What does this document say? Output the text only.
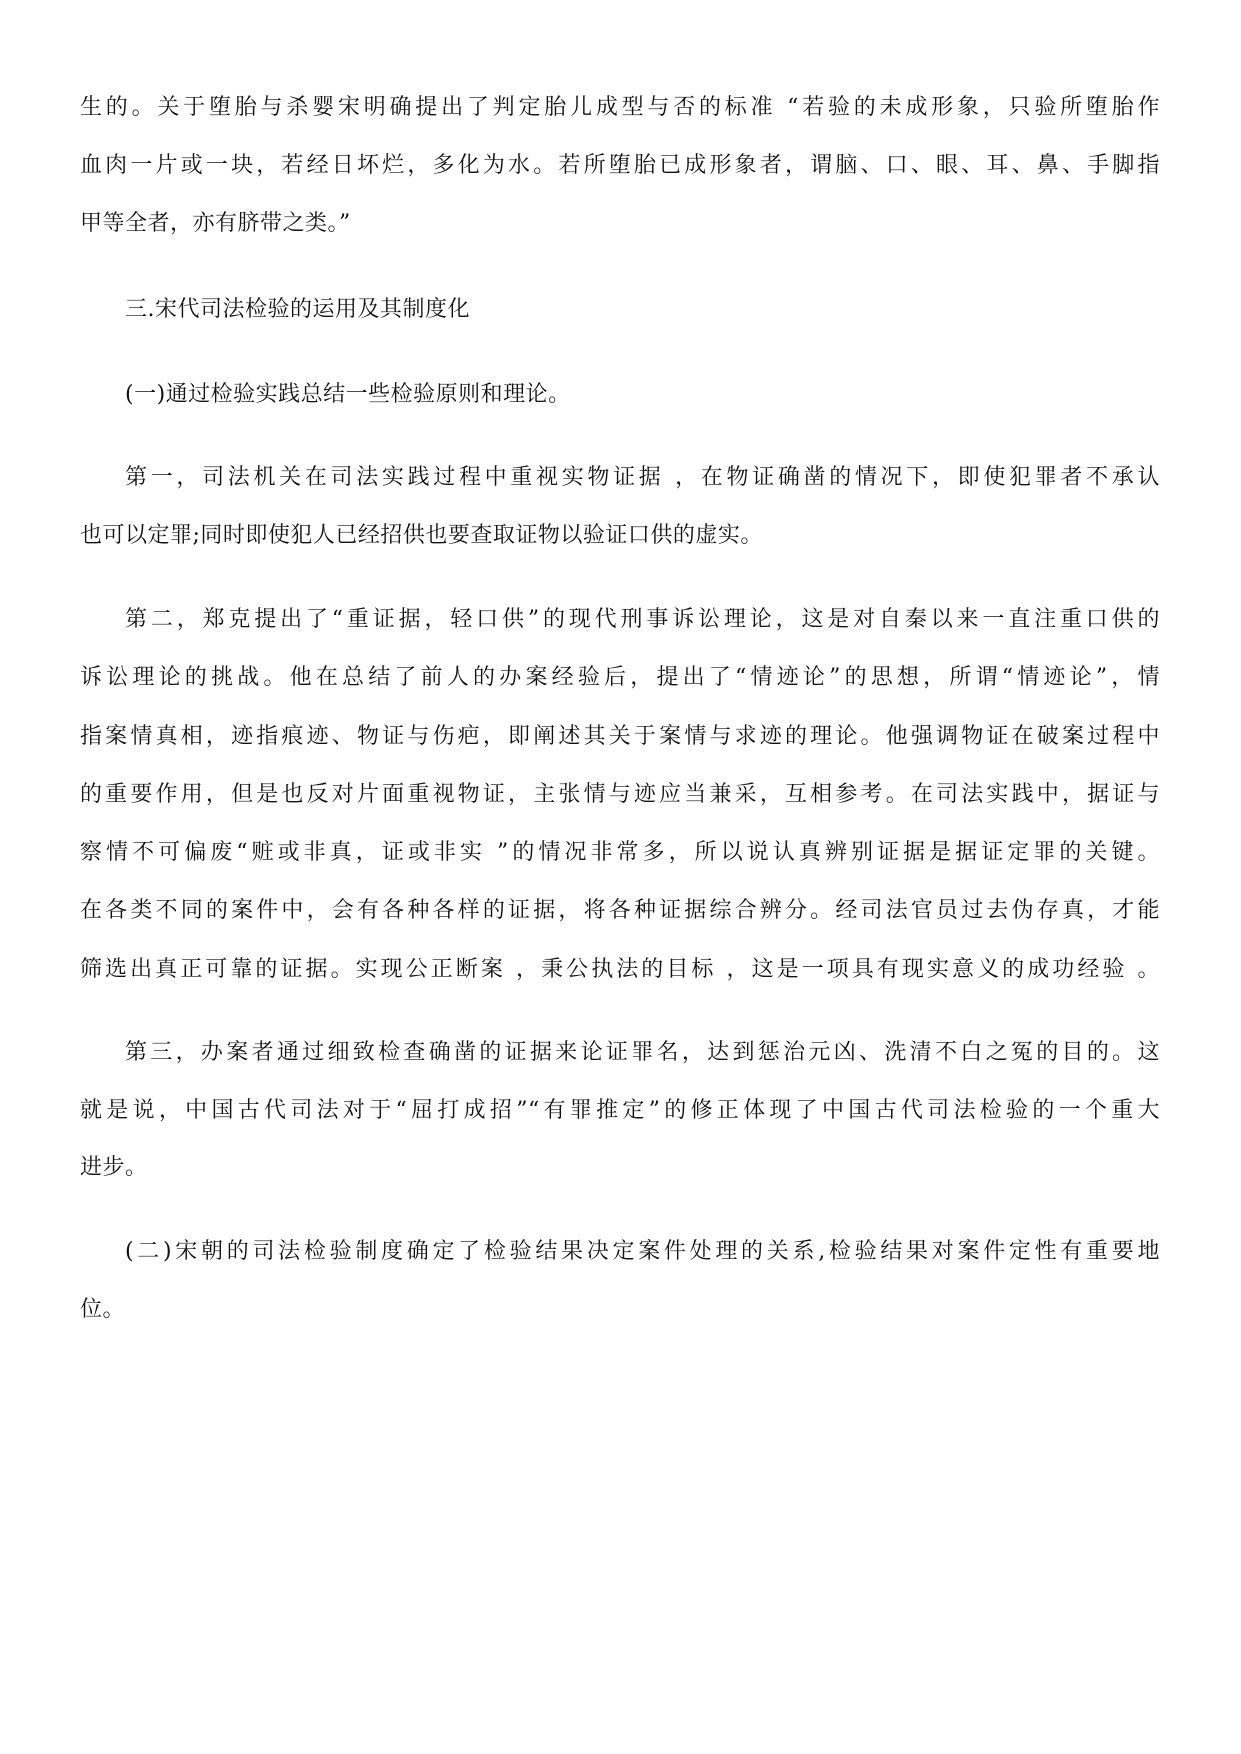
生的。关于堕胎与杀婴宋明确提出了判定胎儿成型与否的标准 “若验的未成形象，只验所堕胎作
血肉一片或一块，若经日坏烂，多化为水。若所堕胎已成形象者，谓脑、口、眼、耳、鼻、手脚指
甲等全者，亦有脐带之类。”
三.宋代司法检验的运用及其制度化
(一)通过检验实践总结一些检验原则和理论。
第一，司法机关在司法实践过程中重视实物证据 ，在物证确凿的情况下，即使犯罪者不承认
也可以定罪;同时即使犯人已经招供也要查取证物以验证口供的虚实。
第二，郑克提出了“重证据，轻口供”的现代刑事诉讼理论，这是对自秦以来一直注重口供的
诉讼理论的挑战。他在总结了前人的办案经验后，提出了“情迹论”的思想，所谓“情迹论”，情
指案情真相，迹指痕迹、物证与伤疤，即阐述其关于案情与求迹的理论。他强调物证在破案过程中
的重要作用，但是也反对片面重视物证，主张情与迹应当兼采，互相参考。在司法实践中，据证与
察情不可偏废“赃或非真，证或非实 ”的情况非常多，所以说认真辨别证据是据证定罪的关键。
在各类不同的案件中，会有各种各样的证据，将各种证据综合辨分。经司法官员过去伪存真，才能
筛选出真正可靠的证据。实现公正断案 ，秉公执法的目标 ，这是一项具有现实意义的成功经验 。
第三，办案者通过细致检查确凿的证据来论证罪名，达到惩治元凶、洗清不白之冤的目的。这
就是说，中国古代司法对于“屈打成招”“有罪推定”的修正体现了中国古代司法检验的一个重大
进步。
(二)宋朝的司法检验制度确定了检验结果决定案件处理的关系,检验结果对案件定性有重要地
位。
